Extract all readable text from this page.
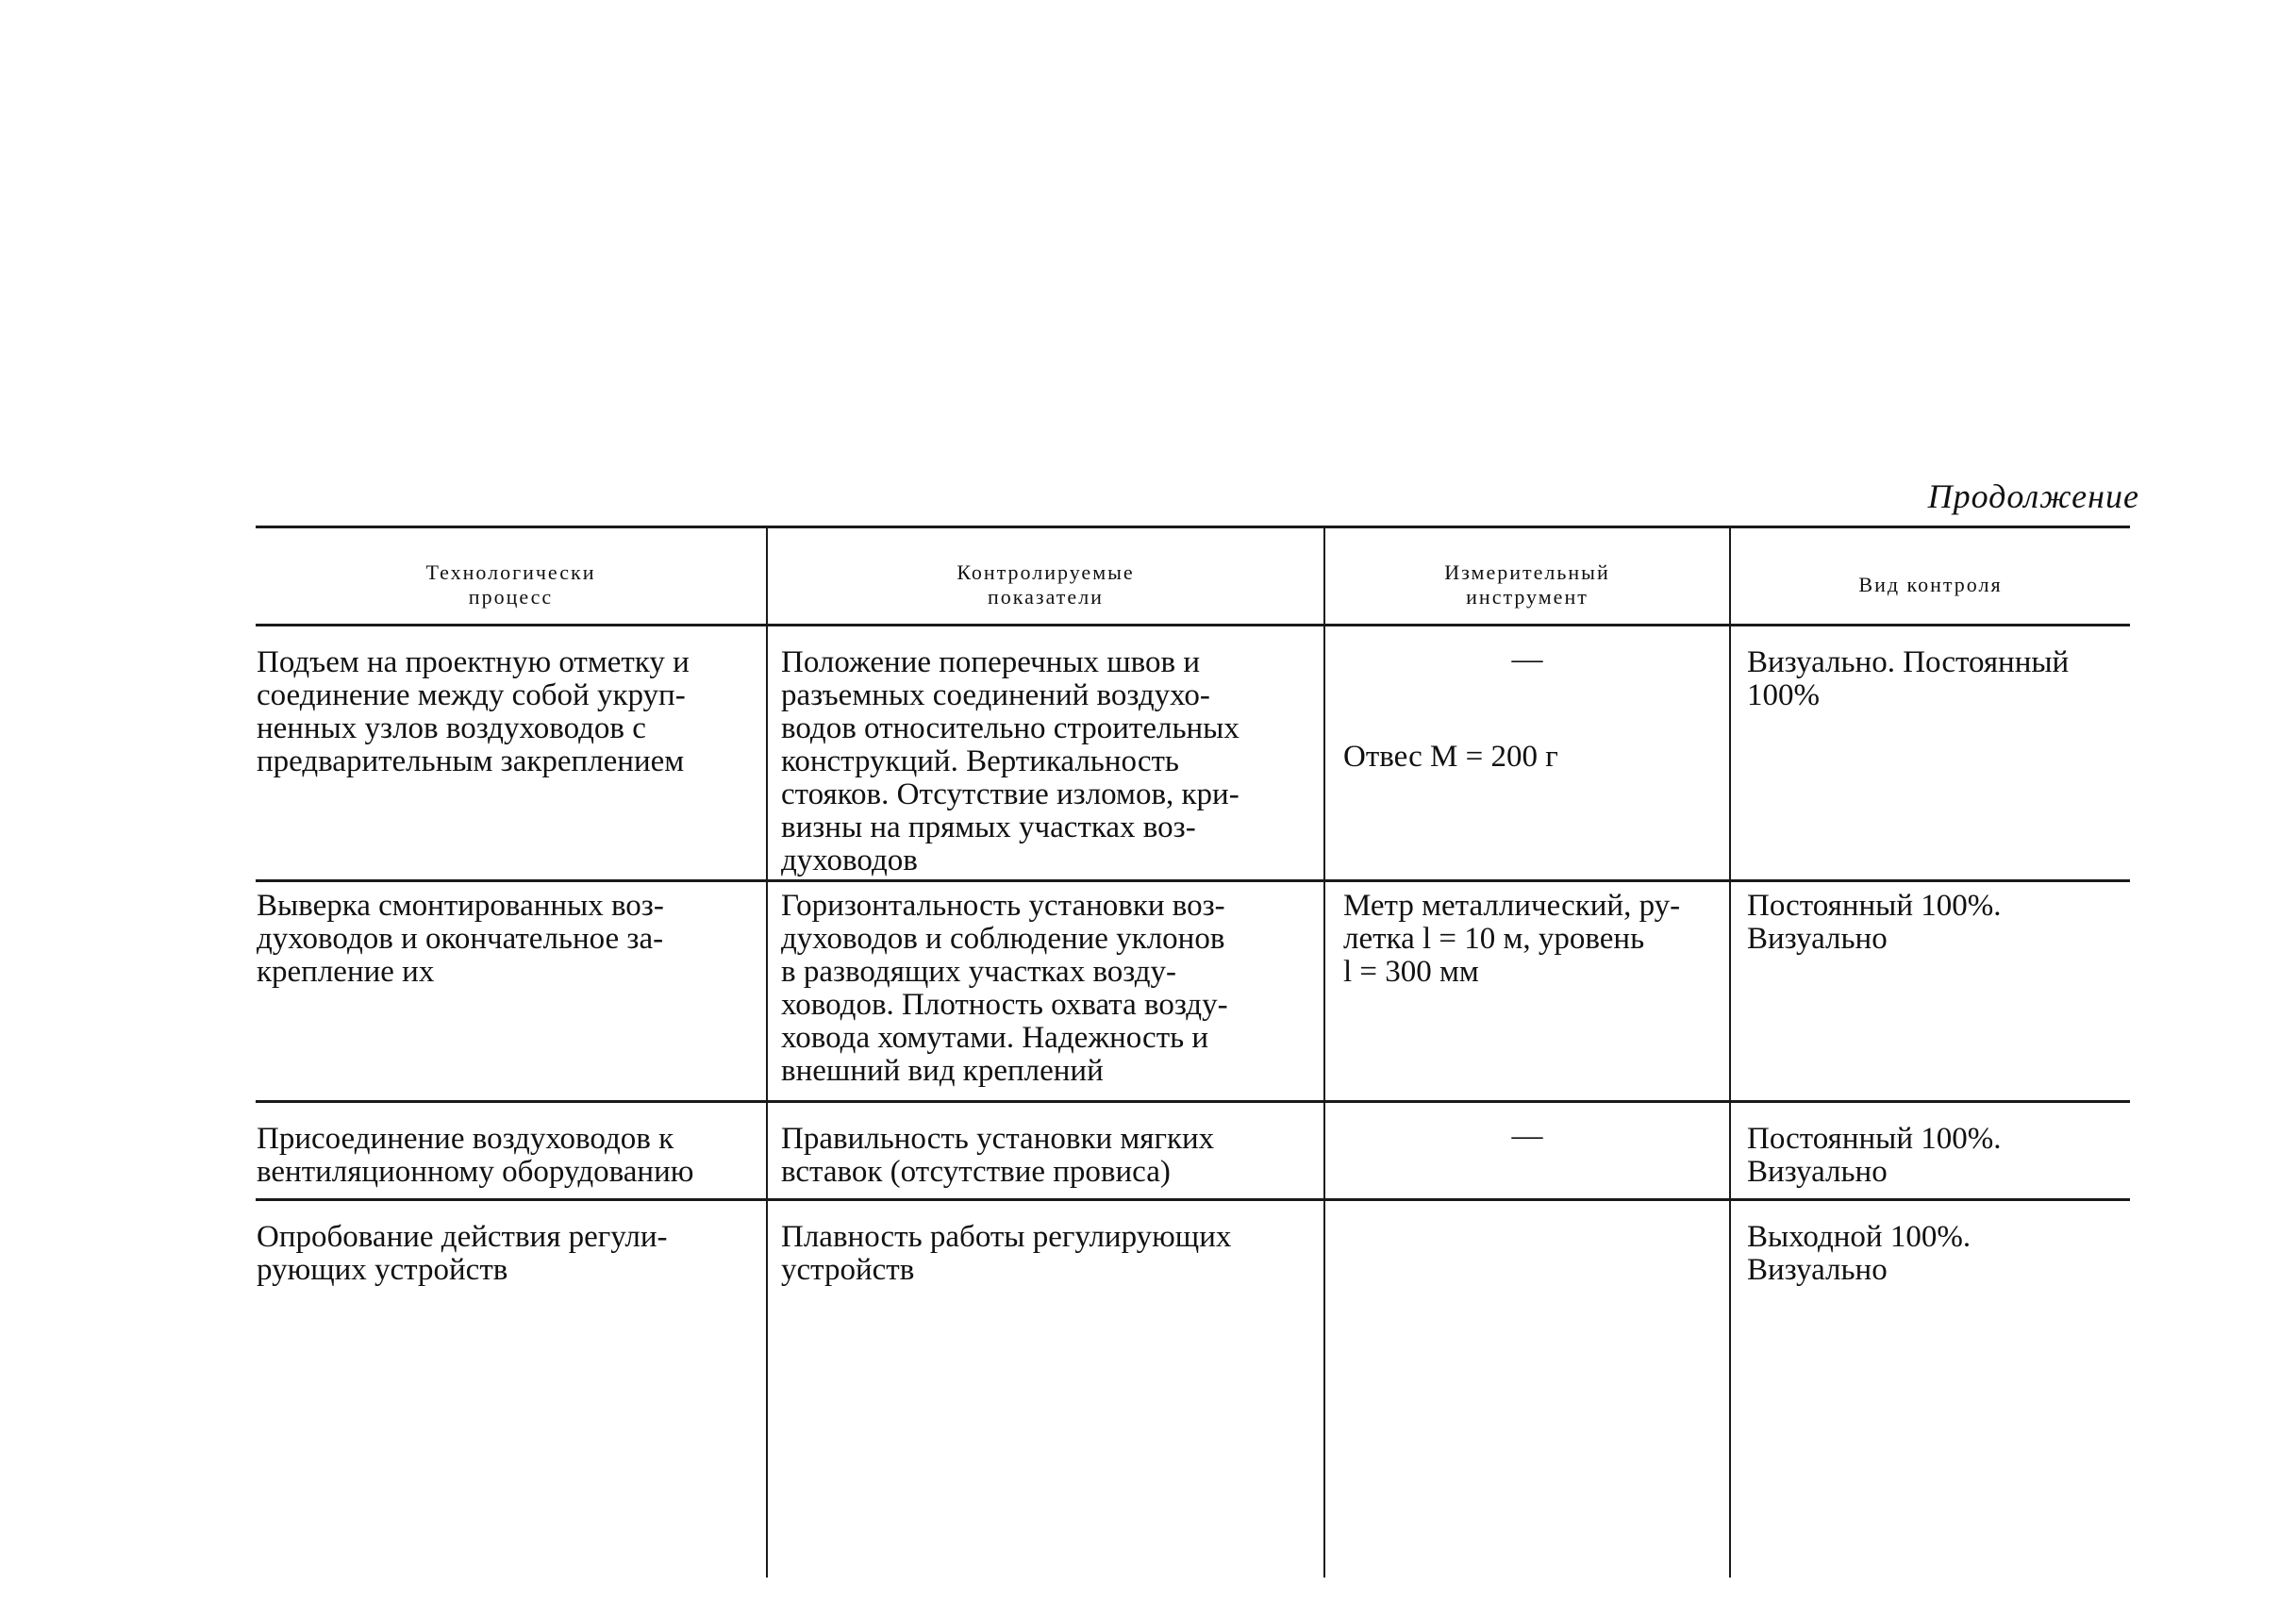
Продолжение
Технологически
процесс
Контролируемые
показатели
Измерительный
инструмент
Вид контроля
Подъем на проектную отметку и
соединение между собой укруп-
ненных узлов воздуховодов с
предварительным закреплением
Положение поперечных швов и
разъемных соединений воздухо-
водов относительно строительных
конструкций. Вертикальность
стояков. Отсутствие изломов, кри-
визны на прямых участках воз-
духоводов
—
Отвес М = 200 г
Визуально. Постоянный
100%
Выверка смонтированных воз-
духоводов и окончательное за-
крепление их
Горизонтальность установки воз-
духоводов и соблюдение уклонов
в разводящих участках возду-
ховодов. Плотность охвата возду-
ховода хомутами. Надежность и
внешний вид креплений
Метр металлический, ру-
летка l = 10 м, уровень
l = 300 мм
Постоянный 100%.
Визуально
Присоединение воздуховодов к
вентиляционному оборудованию
Правильность установки мягких
вставок (отсутствие провиса)
—	Постоянный 100%.
Визуально
Опробование действия регули-
рующих устройств
Плавность работы регулирующих
устройств
Выходной 100%.
Визуально
